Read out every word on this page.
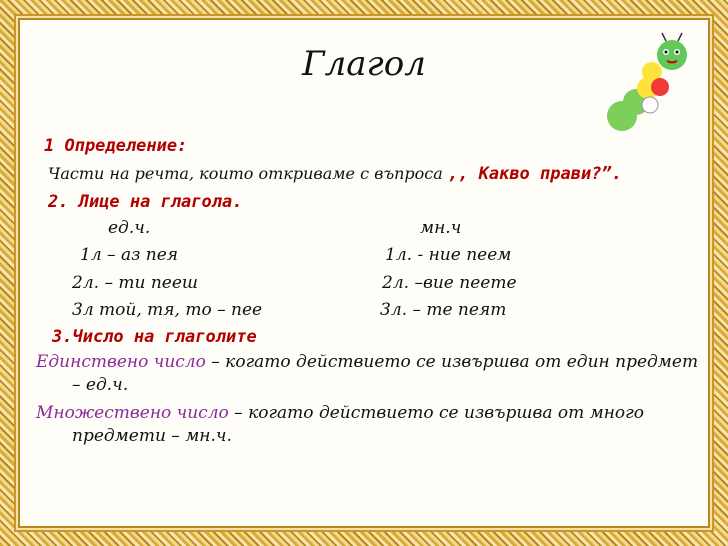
Глагол
1 Определение:
Части на речта, които откриваме с въпроса ,, Какво прави?”.
2. Лице на глагола.
ед.ч.	мн.ч
1л – аз пея	1л. - ние пеем
2л. – ти пееш	2л. –вие пеете
3л той, тя, то – пее	3л. – те пеят
3.Число на глаголите
Единствено число – когато действието се извършва от един предмет
– ед.ч.
Множествено число – когато действието се извършва от много
предмети – мн.ч.
